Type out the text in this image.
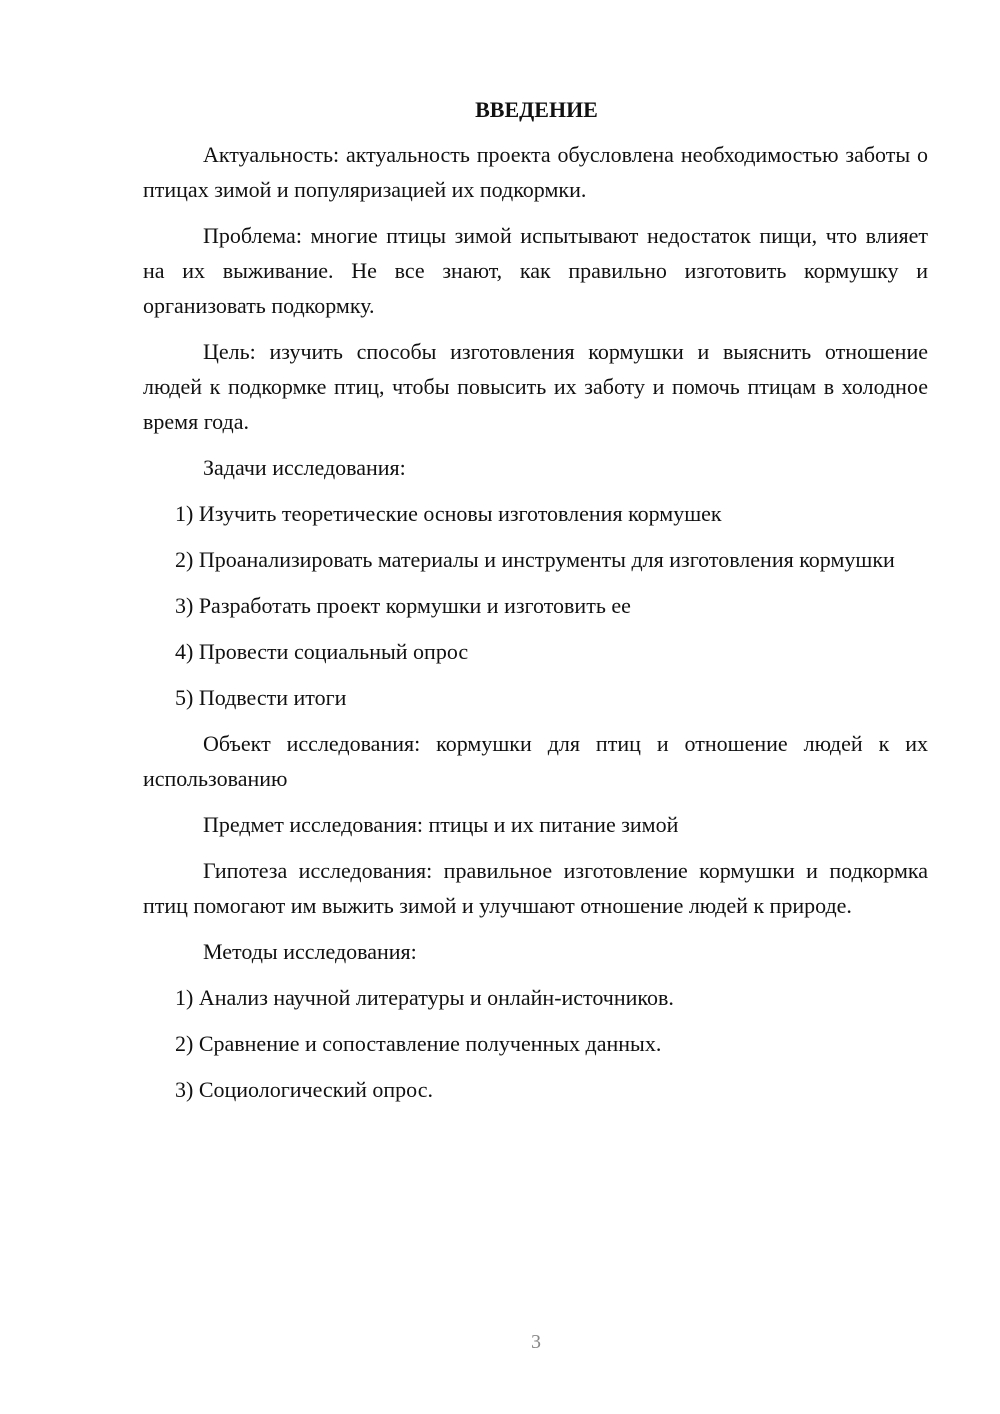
ВВЕДЕНИЕ

Актуальность: актуальность проекта обусловлена необходимостью заботы о птицах зимой и популяризацией их подкормки.

Проблема: многие птицы зимой испытывают недостаток пищи, что влияет на их выживание. Не все знают, как правильно изготовить кормушку и организовать подкормку.

Цель: изучить способы изготовления кормушки и выяснить отношение людей к подкормке птиц, чтобы повысить их заботу и помочь птицам в холодное время года.

Задачи исследования:

1) Изучить теоретические основы изготовления кормушек

2) Проанализировать материалы и инструменты для изготовления кормушки

3) Разработать проект кормушки и изготовить ее

4) Провести социальный опрос

5) Подвести итоги

Объект исследования: кормушки для птиц и отношение людей к их использованию

Предмет исследования: птицы и их питание зимой

Гипотеза исследования: правильное изготовление кормушки и подкормка птиц помогают им выжить зимой и улучшают отношение людей к природе.

Методы исследования:

1) Анализ научной литературы и онлайн-источников.

2) Сравнение и сопоставление полученных данных.

3) Социологический опрос.

3
